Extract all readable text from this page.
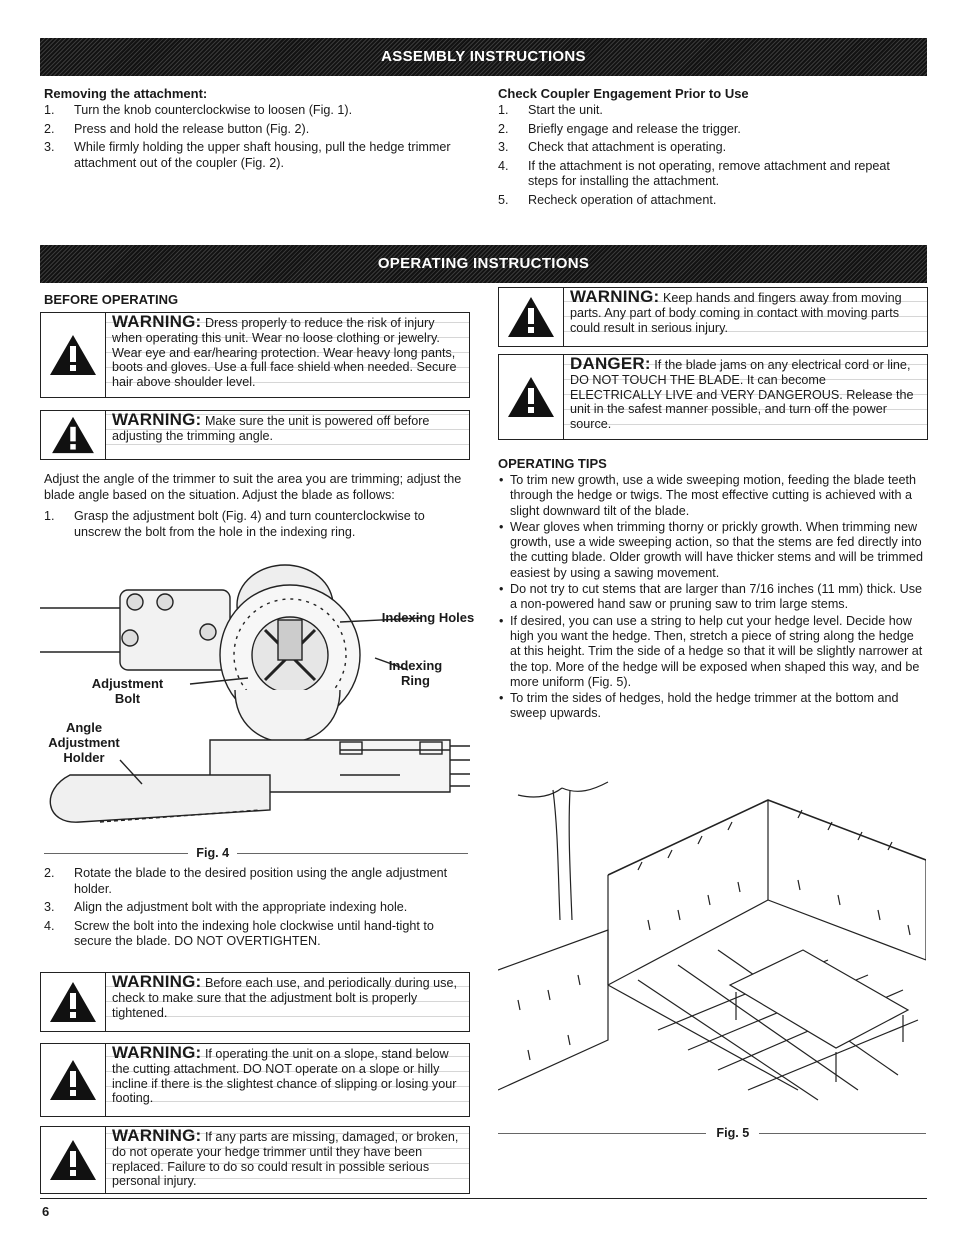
ASSEMBLY INSTRUCTIONS
Removing the attachment:
1. Turn the knob counterclockwise to loosen (Fig. 1).
2. Press and hold the release button (Fig. 2).
3. While firmly holding the upper shaft housing, pull the hedge trimmer attachment out of the coupler (Fig. 2).
Check Coupler Engagement Prior to Use
1. Start the unit.
2. Briefly engage and release the trigger.
3. Check that attachment is operating.
4. If the attachment is not operating, remove attachment and repeat steps for installing the attachment.
5. Recheck operation of attachment.
OPERATING INSTRUCTIONS
BEFORE OPERATING
WARNING: Dress properly to reduce the risk of injury when operating this unit. Wear no loose clothing or jewelry. Wear eye and ear/hearing protection. Wear heavy long pants, boots and gloves. Use a full face shield when needed. Secure hair above shoulder level.
WARNING: Make sure the unit is powered off before adjusting the trimming angle.

Adjust the angle of the trimmer to suit the area you are trimming; adjust the blade angle based on the situation. Adjust the blade as follows:

1. Grasp the adjustment bolt (Fig. 4) and turn counterclockwise to unscrew the bolt from the hole in the indexing ring.
Indexing Holes
Indexing Ring
Adjustment Bolt
Angle Adjustment Holder
Fig. 4
2. Rotate the blade to the desired position using the angle adjustment holder.
3. Align the adjustment bolt with the appropriate indexing hole.
4. Screw the bolt into the indexing hole clockwise until hand-tight to secure the blade. DO NOT OVERTIGHTEN.
WARNING: Before each use, and periodically during use, check to make sure that the adjustment bolt is properly tightened.
WARNING: If operating the unit on a slope, stand below the cutting attachment. DO NOT operate on a slope or hilly incline if there is the slightest chance of slipping or losing your footing.
WARNING: If any parts are missing, damaged, or broken, do not operate your hedge trimmer until they have been replaced. Failure to do so could result in possible serious personal injury.
WARNING: Keep hands and fingers away from moving parts. Any part of body coming in contact with moving parts could result in serious injury.
DANGER: If the blade jams on any electrical cord or line, DO NOT TOUCH THE BLADE. It can become ELECTRICALLY LIVE and VERY DANGEROUS. Release the unit in the safest manner possible, and turn off the power source.
OPERATING TIPS
• To trim new growth, use a wide sweeping motion, feeding the blade teeth through the hedge or twigs. The most effective cutting is achieved with a slight downward tilt of the blade.
• Wear gloves when trimming thorny or prickly growth. When trimming new growth, use a wide sweeping action, so that the stems are fed directly into the cutting blade. Older growth will have thicker stems and will be trimmed easiest by using a sawing movement.
• Do not try to cut stems that are larger than 7/16 inches (11 mm) thick. Use a non-powered hand saw or pruning saw to trim large stems.
• If desired, you can use a string to help cut your hedge level. Decide how high you want the hedge. Then, stretch a piece of string along the hedge at this height. Trim the side of a hedge so that it will be slightly narrower at the top. More of the hedge will be exposed when shaped this way, and be more uniform (Fig. 5).
• To trim the sides of hedges, hold the hedge trimmer at the bottom and sweep upwards.
Fig. 5
6
